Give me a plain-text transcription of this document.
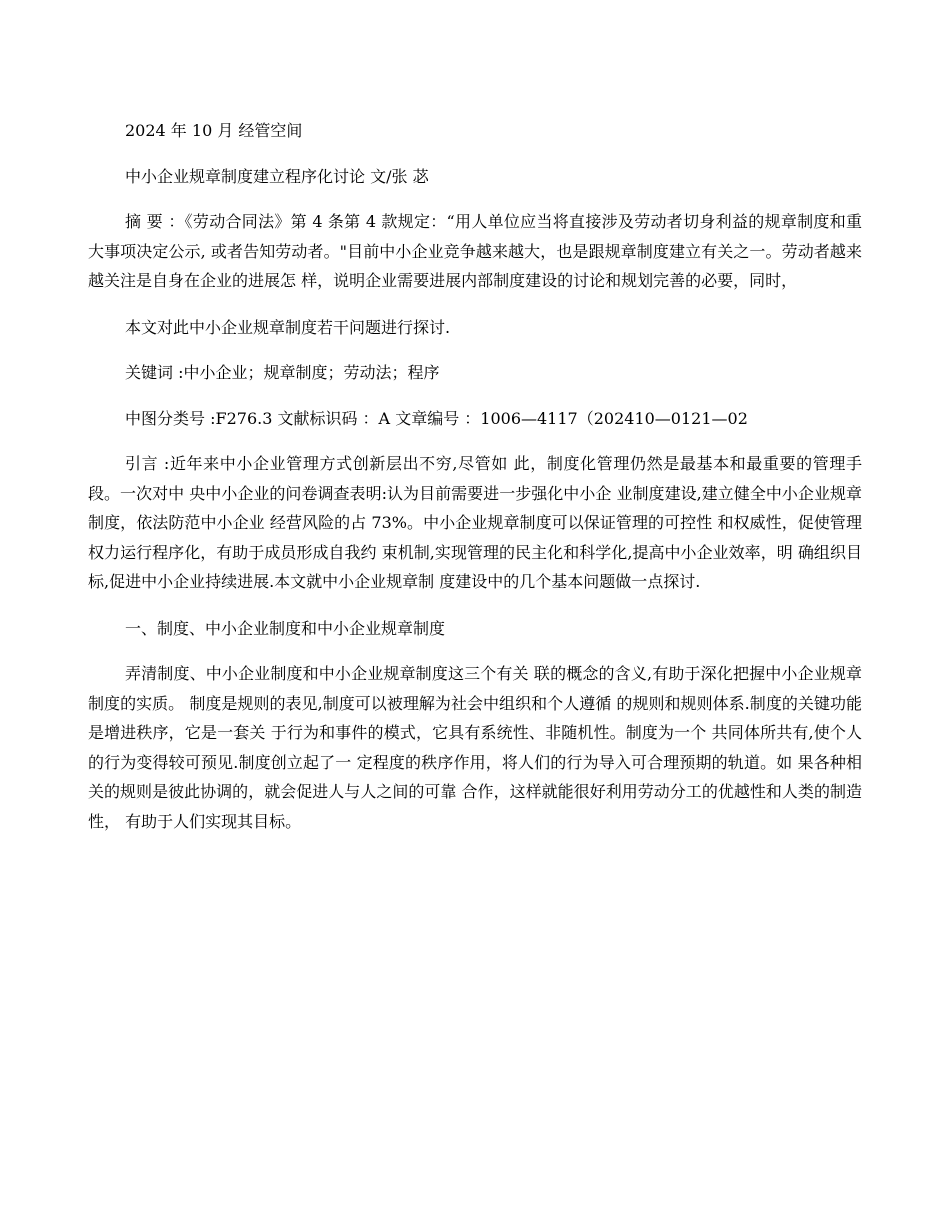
2024 年 10 月 经管空间

中小企业规章制度建立程序化讨论 文/张 苾

摘 要 ：《劳动合同法》第 4 条第 4 款规定：“用人单位应当将直接涉及劳动者切身利益的规章制度和重大事项决定公示, 或者告知劳动者。"目前中小企业竞争越来越大，也是跟规章制度建立有关之一。劳动者越来越关注是自身在企业的进展怎 样，说明企业需要进展内部制度建设的讨论和规划完善的必要，同时，

本文对此中小企业规章制度若干问题进行探讨.

关键词 :中小企业；规章制度；劳动法；程序

中图分类号 :F276.3 文献标识码 ：A 文章编号 ：1006—4117（202410—0121—02

引言 :近年来中小企业管理方式创新层出不穷,尽管如 此，制度化管理仍然是最基本和最重要的管理手段。一次对中 央中小企业的问卷调查表明:认为目前需要进一步强化中小企 业制度建设,建立健全中小企业规章制度，依法防范中小企业 经营风险的占 73%。中小企业规章制度可以保证管理的可控性 和权威性，促使管理权力运行程序化，有助于成员形成自我约 束机制,实现管理的民主化和科学化,提高中小企业效率，明 确组织目标,促进中小企业持续进展.本文就中小企业规章制 度建设中的几个基本问题做一点探讨.

一、制度、中小企业制度和中小企业规章制度

弄清制度、中小企业制度和中小企业规章制度这三个有关 联的概念的含义,有助于深化把握中小企业规章制度的实质。 制度是规则的表见,制度可以被理解为社会中组织和个人遵循 的规则和规则体系.制度的关键功能是增进秩序，它是一套关 于行为和事件的模式，它具有系统性、非随机性。制度为一个 共同体所共有,使个人的行为变得较可预见.制度创立起了一 定程度的秩序作用，将人们的行为导入可合理预期的轨道。如 果各种相关的规则是彼此协调的，就会促进人与人之间的可靠 合作，这样就能很好利用劳动分工的优越性和人类的制造性， 有助于人们实现其目标。
